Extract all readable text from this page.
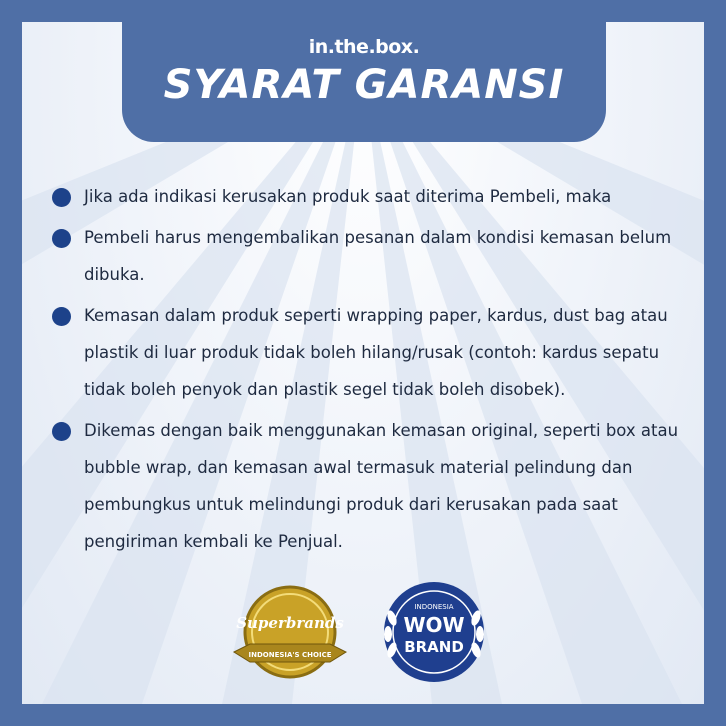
in.the.box.
SYARAT GARANSI
Jika ada indikasi kerusakan produk saat diterima Pembeli, maka
Pembeli harus mengembalikan pesanan dalam kondisi kemasan belum dibuka.
Kemasan dalam produk seperti wrapping paper, kardus, dust bag atau plastik di luar produk tidak boleh hilang/rusak (contoh: kardus sepatu tidak boleh penyok dan plastik segel tidak boleh disobek).
Dikemas dengan baik menggunakan kemasan original, seperti box atau bubble wrap, dan kemasan awal termasuk material pelindung dan pembungkus untuk melindungi produk dari kerusakan pada saat pengiriman kembali ke Penjual.
Superbrands
INDONESIA'S CHOICE
INDONESIA
WOW
BRAND
